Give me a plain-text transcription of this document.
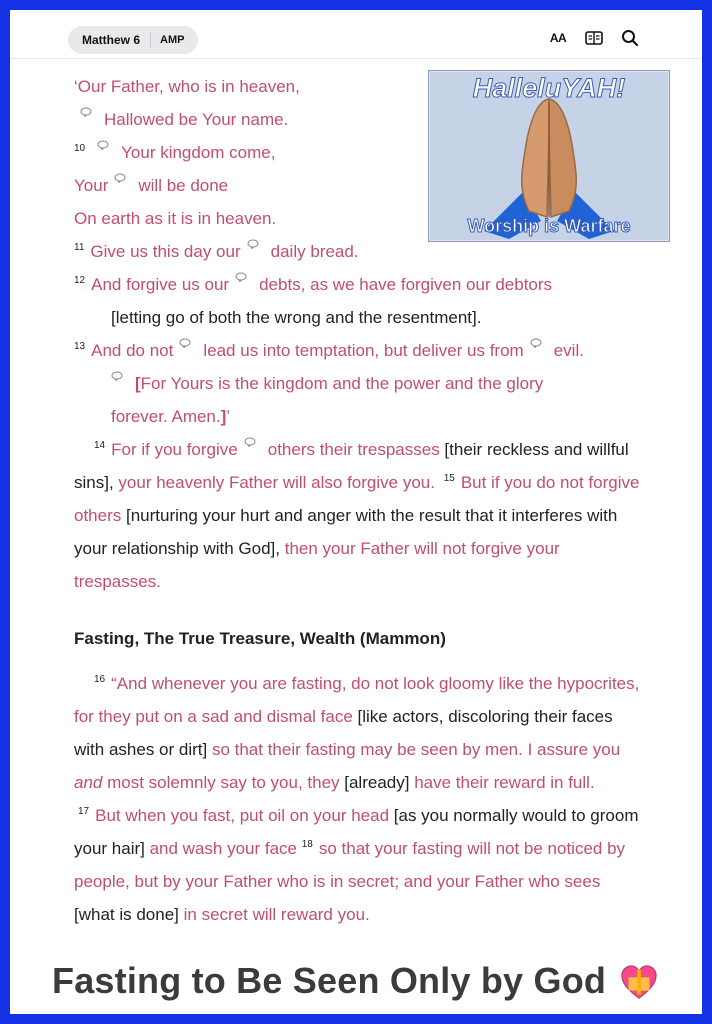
Matthew 6	AMP	AA
HalleluYAH!
Worship is Warfare
‘Our Father, who is in heaven,
Hallowed be Your name.
$^{10}$ Your kingdom come,
Your will be done
On earth as it is in heaven.
$^{11}$ Give us this day our daily bread.
$^{12}$ And forgive us our debts, as we have forgiven our debtors
[letting go of both the wrong and the resentment].
$^{13}$ And do not lead us into temptation, but deliver us from evil.
[For Yours is the kingdom and the power and the glory
forever. Amen.]’
$^{14}$ For if you forgive others their trespasses [their reckless and willful sins], your heavenly Father will also forgive you. $^{15}$ But if you do not forgive others [nurturing your hurt and anger with the result that it interferes with your relationship with God], then your Father will not forgive your trespasses.
Fasting, The True Treasure, Wealth (Mammon)
$^{16}$ “And whenever you are fasting, do not look gloomy like the hypocrites, for they put on a sad and dismal face [like actors, discoloring their faces with ashes or dirt] so that their fasting may be seen by men. I assure you and most solemnly say to you, they [already] have their reward in full. $^{17}$ But when you fast, put oil on your head [as you normally would to groom your hair] and wash your face $^{18}$ so that your fasting will not be noticed by people, but by your Father who is in secret; and your Father who sees [what is done] in secret will reward you.
Fasting to Be Seen Only by God
